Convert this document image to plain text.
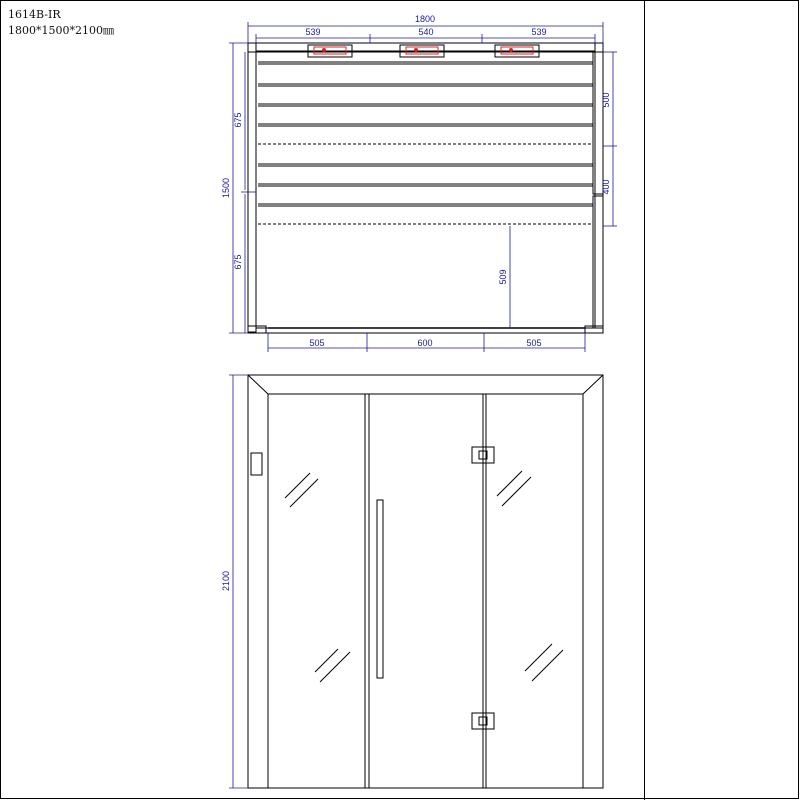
1614B-IR
1800*1500*2100㎜
1800
539	540	539
1500
675
675
500
400
509
505	600	505
2100
